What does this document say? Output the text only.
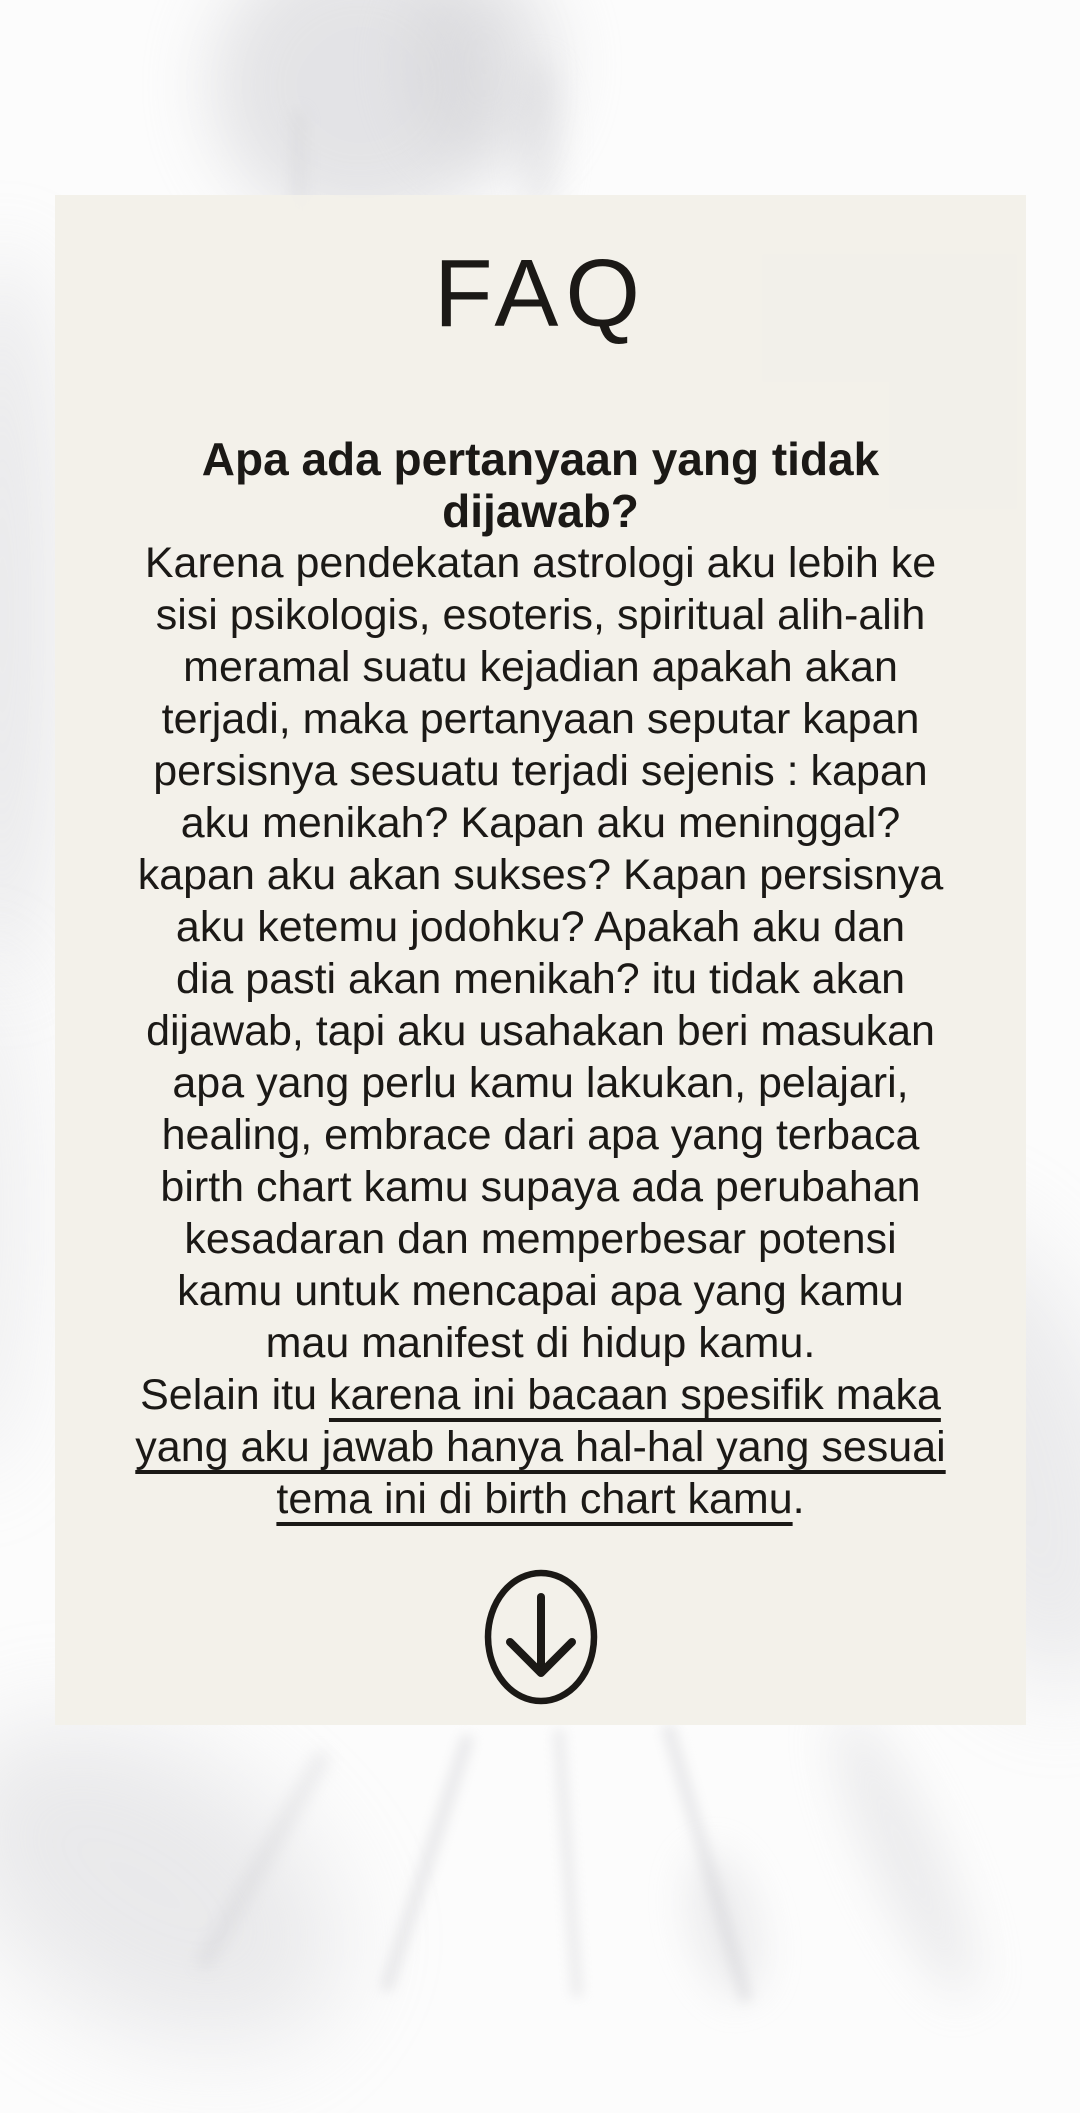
FAQ
Apa ada pertanyaan yang tidak
dijawab?
Karena pendekatan astrologi aku lebih ke
sisi psikologis, esoteris, spiritual alih-alih
meramal suatu kejadian apakah akan
terjadi, maka pertanyaan seputar kapan
persisnya sesuatu terjadi sejenis : kapan
aku menikah? Kapan aku meninggal?
kapan aku akan sukses? Kapan persisnya
aku ketemu jodohku? Apakah aku dan
dia pasti akan menikah? itu tidak akan
dijawab, tapi aku usahakan beri masukan
apa yang perlu kamu lakukan, pelajari,
healing, embrace dari apa yang terbaca
birth chart kamu supaya ada perubahan
kesadaran dan memperbesar potensi
kamu untuk mencapai apa yang kamu
mau manifest di hidup kamu.
Selain itu karena ini bacaan spesifik maka
yang aku jawab hanya hal-hal yang sesuai
tema ini di birth chart kamu.
